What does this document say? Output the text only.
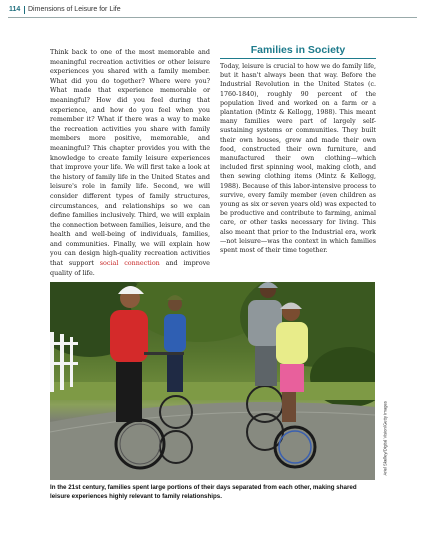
114 Dimensions of Leisure for Life

Think back to one of the most memorable and meaningful recreation activities or other leisure experiences you shared with a family member. What did you do together? Where were you? What made that experience memorable or meaningful? How did you feel during that experience, and how do you feel when you remember it? What if there was a way to make the recreation activities you share with family members more positive, memorable, and meaningful? This chapter provides you with the knowledge to create family leisure experiences that improve your life. We will first take a look at the history of family life in the United States and leisure's role in family life. Second, we will consider different types of family structures, circumstances, and relationships so we can define families inclusively. Third, we will explain the connection between families, leisure, and the health and well-being of individuals, families, and communities. Finally, we will explain how you can design high-quality recreation activities that support social connection and improve quality of life.

Families in Society

Today, leisure is crucial to how we do family life, but it hasn't always been that way. Before the Industrial Revolution in the United States (c. 1760-1840), roughly 90 percent of the population lived and worked on a farm or a plantation (Mintz & Kellogg, 1988). This meant many families were part of largely self-sustaining systems or communities. They built their own houses, grew and made their own food, constructed their own furniture, and manufactured their own clothing—which included first spinning wool, making cloth, and then sewing clothing items (Mintz & Kellogg, 1988). Because of this labor-intensive process to survive, every family member (even children as young as six or seven years old) was expected to be productive and contribute to farming, animal care, or other tasks necessary for living. This also meant that prior to the Industrial era, work—not leisure—was the context in which families spent most of their time together.

Ariel Skelley/Digital Vision/Getty Images

In the 21st century, families spent large portions of their days separated from each other, making shared leisure experiences highly relevant to family relationships.
